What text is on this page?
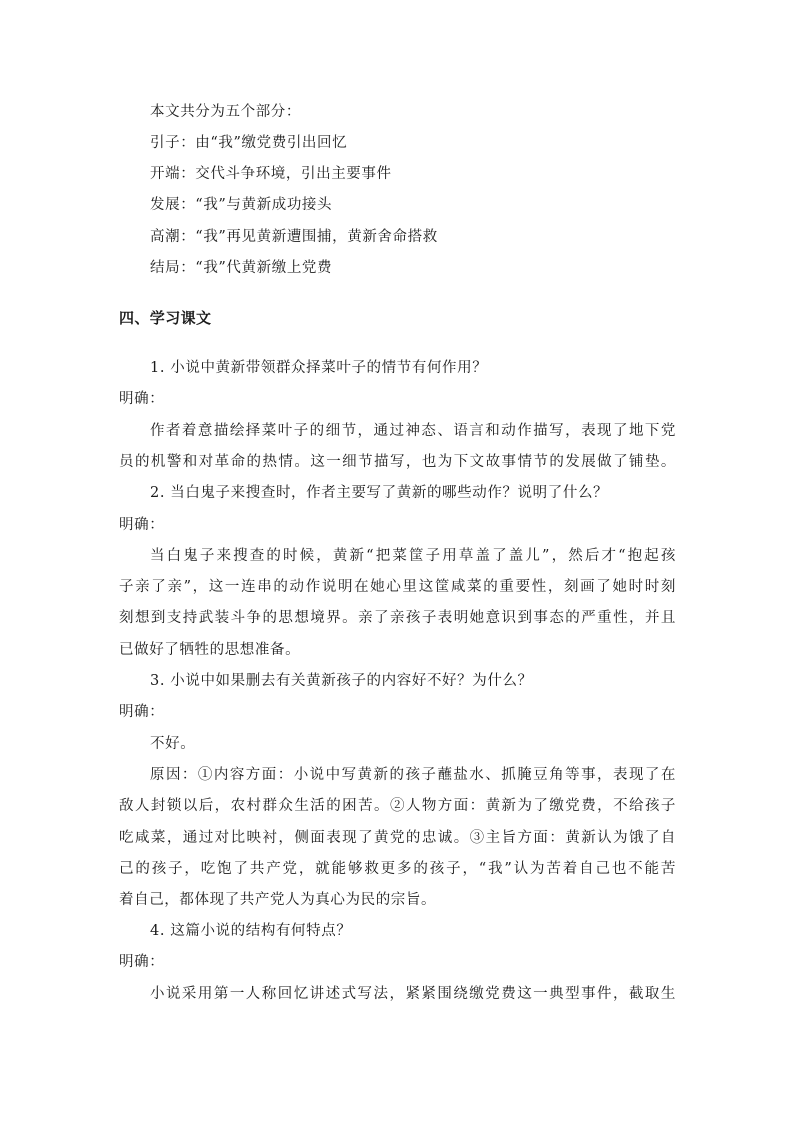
本文共分为五个部分：
引子：由“我”缴党费引出回忆
开端：交代斗争环境，引出主要事件
发展：“我”与黄新成功接头
高潮：“我”再见黄新遭围捕，黄新舍命搭救
结局：“我”代黄新缴上党费
四、学习课文
1. 小说中黄新带领群众择菜叶子的情节有何作用？
明确：
作者着意描绘择菜叶子的细节，通过神态、语言和动作描写，表现了地下党
员的机警和对革命的热情。这一细节描写，也为下文故事情节的发展做了铺垫。
2. 当白鬼子来搜查时，作者主要写了黄新的哪些动作？说明了什么？
明确：
当白鬼子来搜查的时候，黄新“把菜筐子用草盖了盖儿”，然后才“抱起孩
子亲了亲”，这一连串的动作说明在她心里这筐咸菜的重要性，刻画了她时时刻
刻想到支持武装斗争的思想境界。亲了亲孩子表明她意识到事态的严重性，并且
已做好了牺牲的思想准备。
3. 小说中如果删去有关黄新孩子的内容好不好？为什么？
明确：
不好。
原因：①内容方面：小说中写黄新的孩子蘸盐水、抓腌豆角等事，表现了在
敌人封锁以后，农村群众生活的困苦。②人物方面：黄新为了缴党费，不给孩子
吃咸菜，通过对比映衬，侧面表现了黄党的忠诚。③主旨方面：黄新认为饿了自
己的孩子，吃饱了共产党，就能够救更多的孩子，“我”认为苦着自己也不能苦
着自己，都体现了共产党人为真心为民的宗旨。
4. 这篇小说的结构有何特点？
明确：
小说采用第一人称回忆讲述式写法，紧紧围绕缴党费这一典型事件，截取生
